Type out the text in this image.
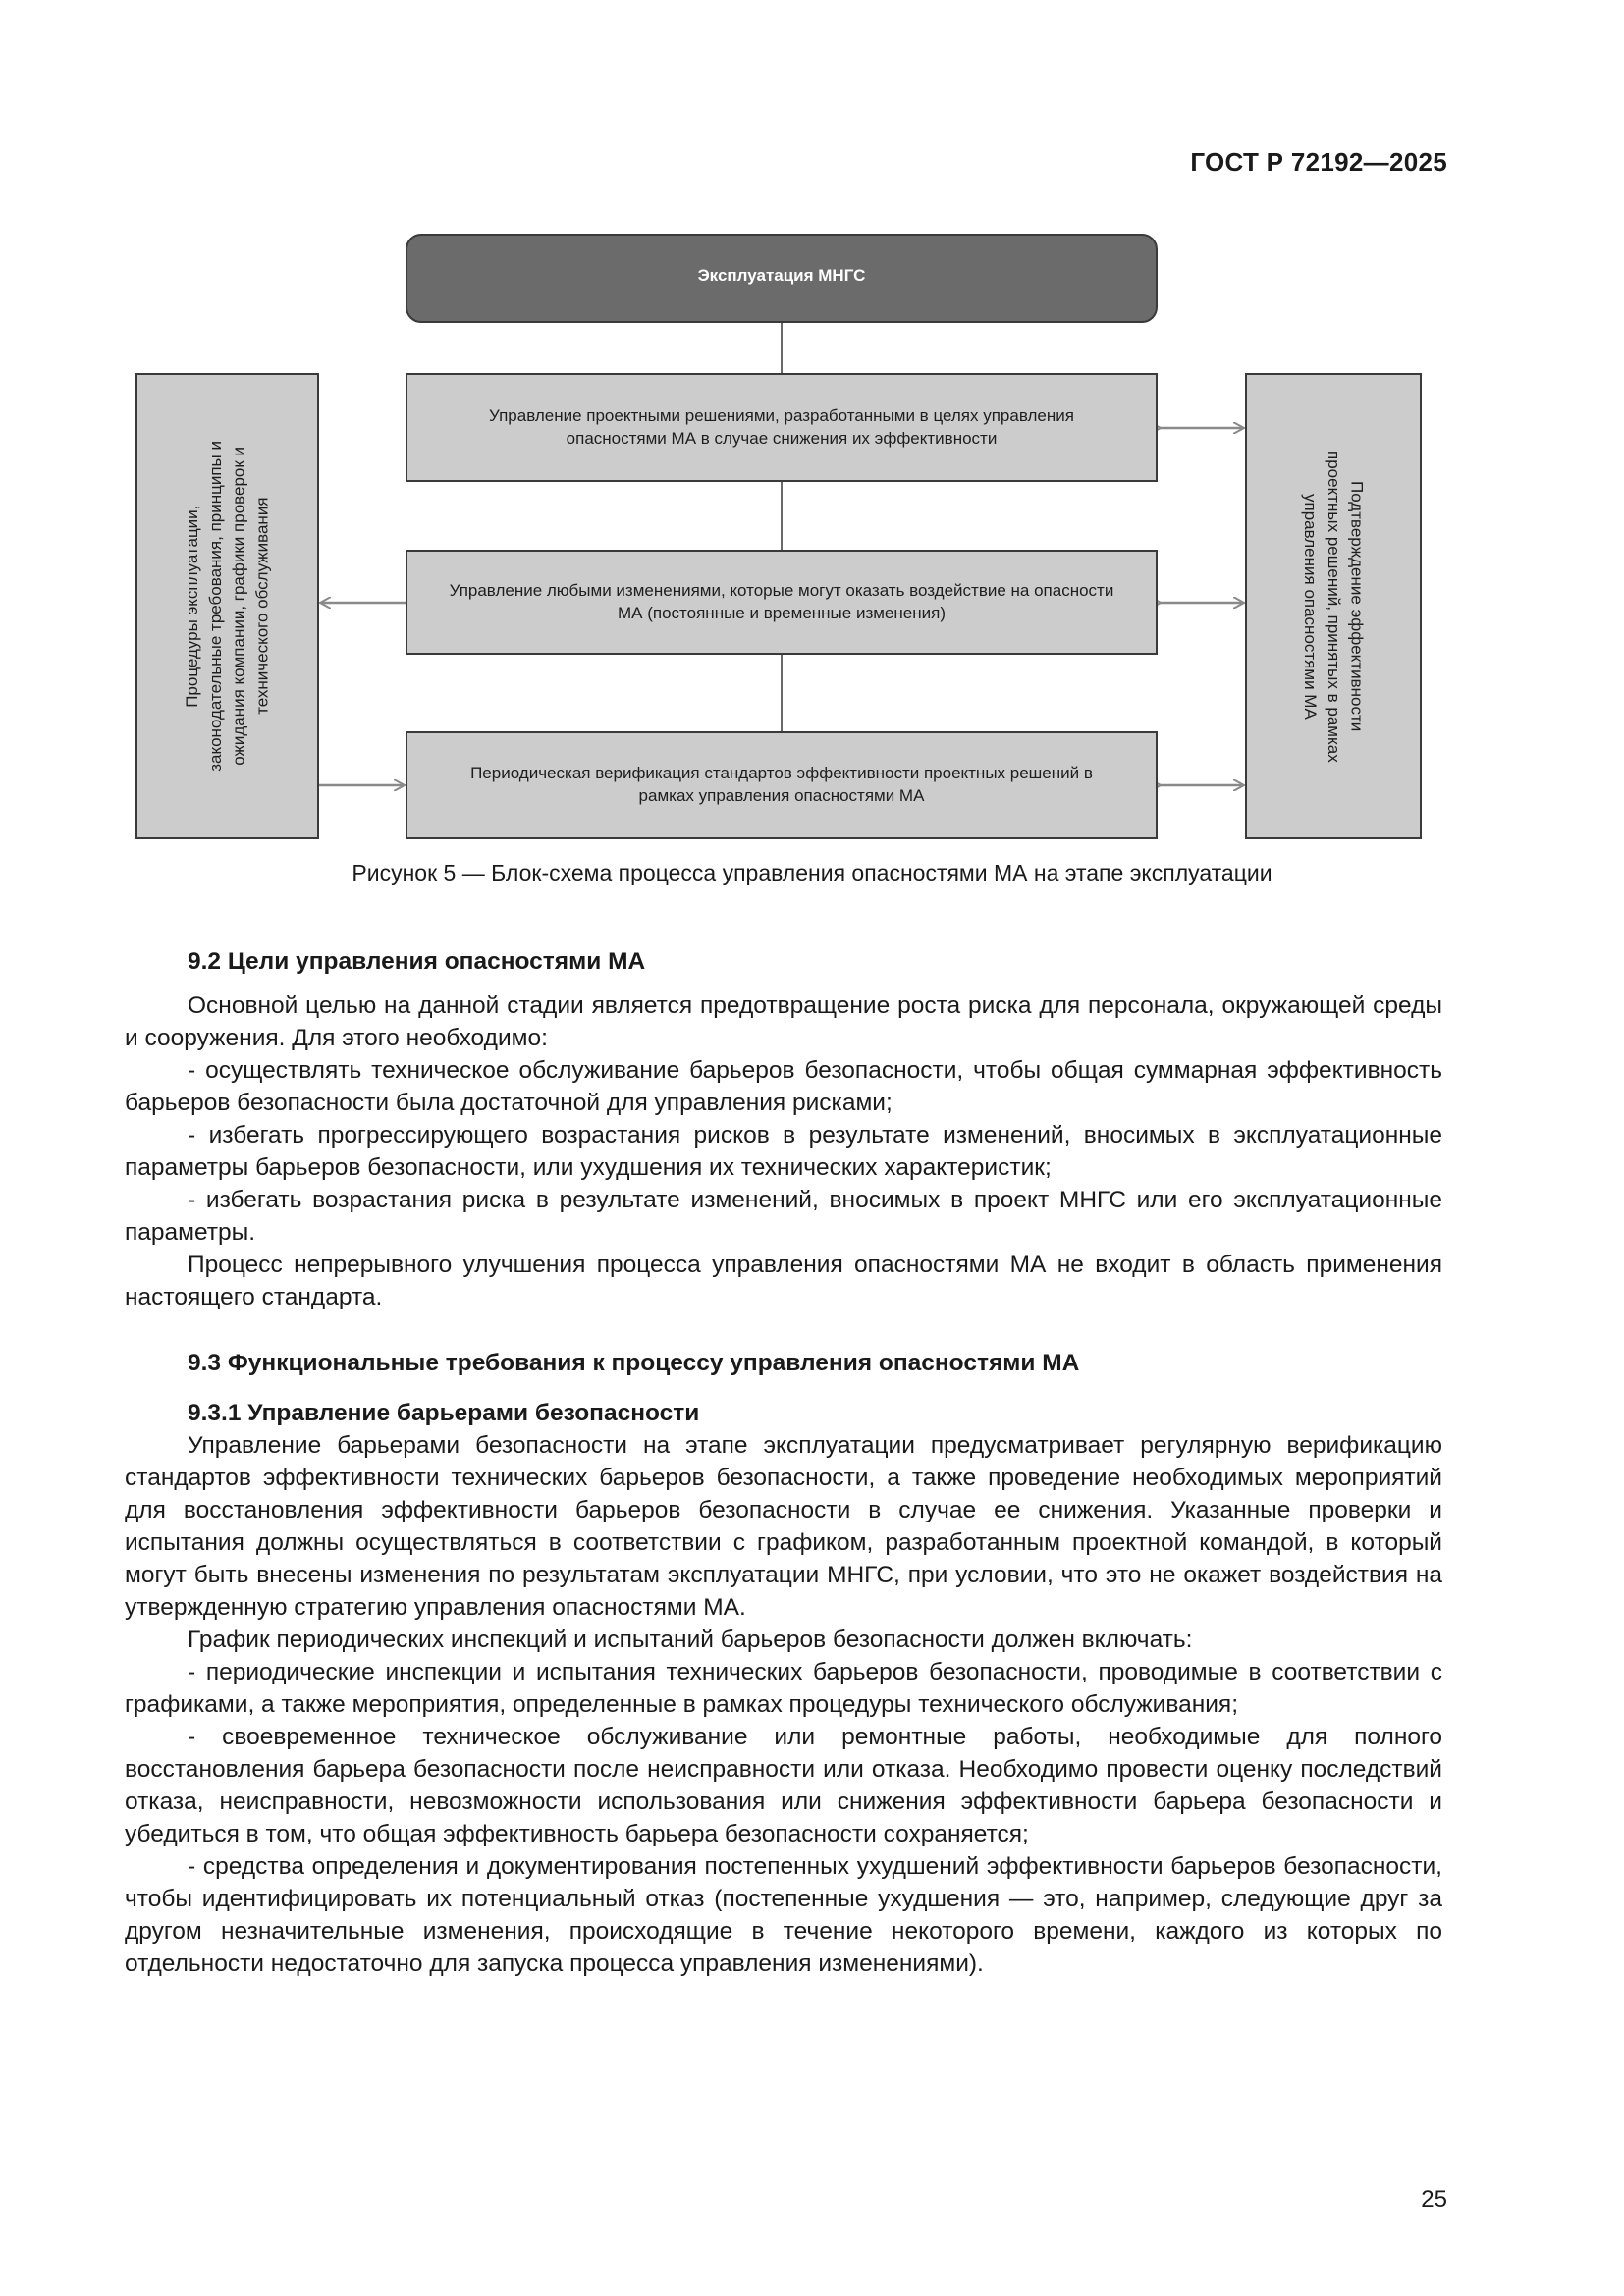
ГОСТ Р 72192—2025
Эксплуатация МНГС
Управление проектными решениями, разработанными в целях управления опасностями МА в случае снижения их эффективности
Управление любыми изменениями, которые могут оказать воздействие на опасности МА (постоянные и временные изменения)
Периодическая верификация стандартов эффективности проектных решений в рамках управления опасностями МА
Процедуры эксплуатации, законодательные требования, принципы и ожидания компании, графики проверок и технического обслуживания	Подтверждение эффективности
проектных решений, принятых в рамках
управления опасностями МА
Рисунок 5 — Блок-схема процесса управления опасностями МА на этапе эксплуатации
9.2 Цели управления опасностями МА

Основной целью на данной стадии является предотвращение роста риска для персонала, окружающей среды и сооружения. Для этого необходимо:

- осуществлять техническое обслуживание барьеров безопасности, чтобы общая суммарная эффективность барьеров безопасности была достаточной для управления рисками;

- избегать прогрессирующего возрастания рисков в результате изменений, вносимых в эксплуатационные параметры барьеров безопасности, или ухудшения их технических характеристик;

- избегать возрастания риска в результате изменений, вносимых в проект МНГС или его эксплуатационные параметры.

Процесс непрерывного улучшения процесса управления опасностями МА не входит в область применения настоящего стандарта.

9.3 Функциональные требования к процессу управления опасностями МА
9.3.1 Управление барьерами безопасности

Управление барьерами безопасности на этапе эксплуатации предусматривает регулярную верификацию стандартов эффективности технических барьеров безопасности, а также проведение необходимых мероприятий для восстановления эффективности барьеров безопасности в случае ее снижения. Указанные проверки и испытания должны осуществляться в соответствии с графиком, разработанным проектной командой, в который могут быть внесены изменения по результатам эксплуатации МНГС, при условии, что это не окажет воздействия на утвержденную стратегию управления опасностями МА.

График периодических инспекций и испытаний барьеров безопасности должен включать:

- периодические инспекции и испытания технических барьеров безопасности, проводимые в соответствии с графиками, а также мероприятия, определенные в рамках процедуры технического обслуживания;

- своевременное техническое обслуживание или ремонтные работы, необходимые для полного восстановления барьера безопасности после неисправности или отказа. Необходимо провести оценку последствий отказа, неисправности, невозможности использования или снижения эффективности барьера безопасности и убедиться в том, что общая эффективность барьера безопасности сохраняется;

- средства определения и документирования постепенных ухудшений эффективности барьеров безопасности, чтобы идентифицировать их потенциальный отказ (постепенные ухудшения — это, например, следующие друг за другом незначительные изменения, происходящие в течение некоторого времени, каждого из которых по отдельности недостаточно для запуска процесса управления изменениями).

25
